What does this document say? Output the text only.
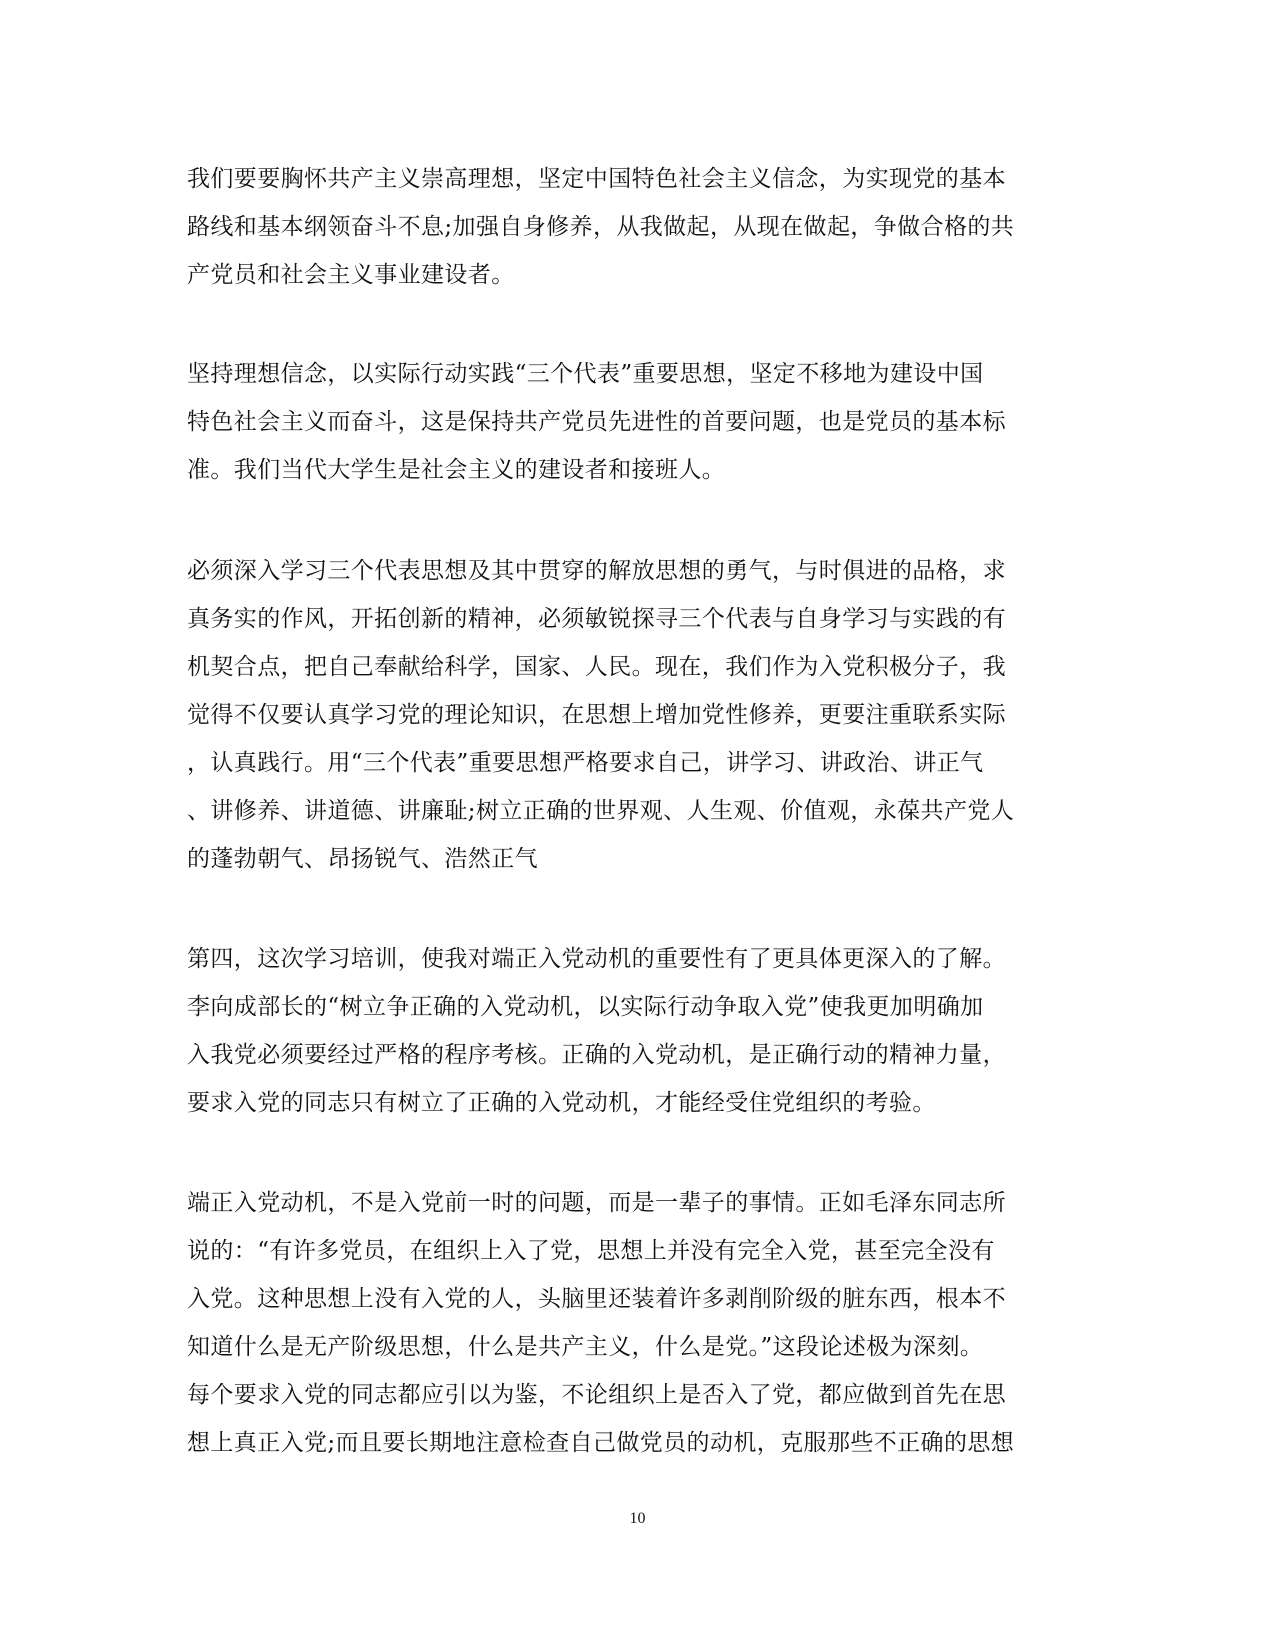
我们要要胸怀共产主义崇高理想，坚定中国特色社会主义信念，为实现党的基本
路线和基本纲领奋斗不息;加强自身修养，从我做起，从现在做起，争做合格的共
产党员和社会主义事业建设者。
坚持理想信念，以实际行动实践“三个代表”重要思想，坚定不移地为建设中国
特色社会主义而奋斗，这是保持共产党员先进性的首要问题，也是党员的基本标
准。我们当代大学生是社会主义的建设者和接班人。
必须深入学习三个代表思想及其中贯穿的解放思想的勇气，与时俱进的品格，求
真务实的作风，开拓创新的精神，必须敏锐探寻三个代表与自身学习与实践的有
机契合点，把自己奉献给科学，国家、人民。现在，我们作为入党积极分子，我
觉得不仅要认真学习党的理论知识，在思想上增加党性修养，更要注重联系实际
，认真践行。用“三个代表”重要思想严格要求自己，讲学习、讲政治、讲正气
、讲修养、讲道德、讲廉耻;树立正确的世界观、人生观、价值观，永葆共产党人
的蓬勃朝气、昂扬锐气、浩然正气
第四，这次学习培训，使我对端正入党动机的重要性有了更具体更深入的了解。
李向成部长的“树立争正确的入党动机，以实际行动争取入党”使我更加明确加
入我党必须要经过严格的程序考核。正确的入党动机，是正确行动的精神力量，
要求入党的同志只有树立了正确的入党动机，才能经受住党组织的考验。
端正入党动机，不是入党前一时的问题，而是一辈子的事情。正如毛泽东同志所
说的：“有许多党员，在组织上入了党，思想上并没有完全入党，甚至完全没有
入党。这种思想上没有入党的人，头脑里还装着许多剥削阶级的脏东西，根本不
知道什么是无产阶级思想，什么是共产主义，什么是党。”这段论述极为深刻。
每个要求入党的同志都应引以为鉴，不论组织上是否入了党，都应做到首先在思
想上真正入党;而且要长期地注意检查自己做党员的动机，克服那些不正确的思想
10
